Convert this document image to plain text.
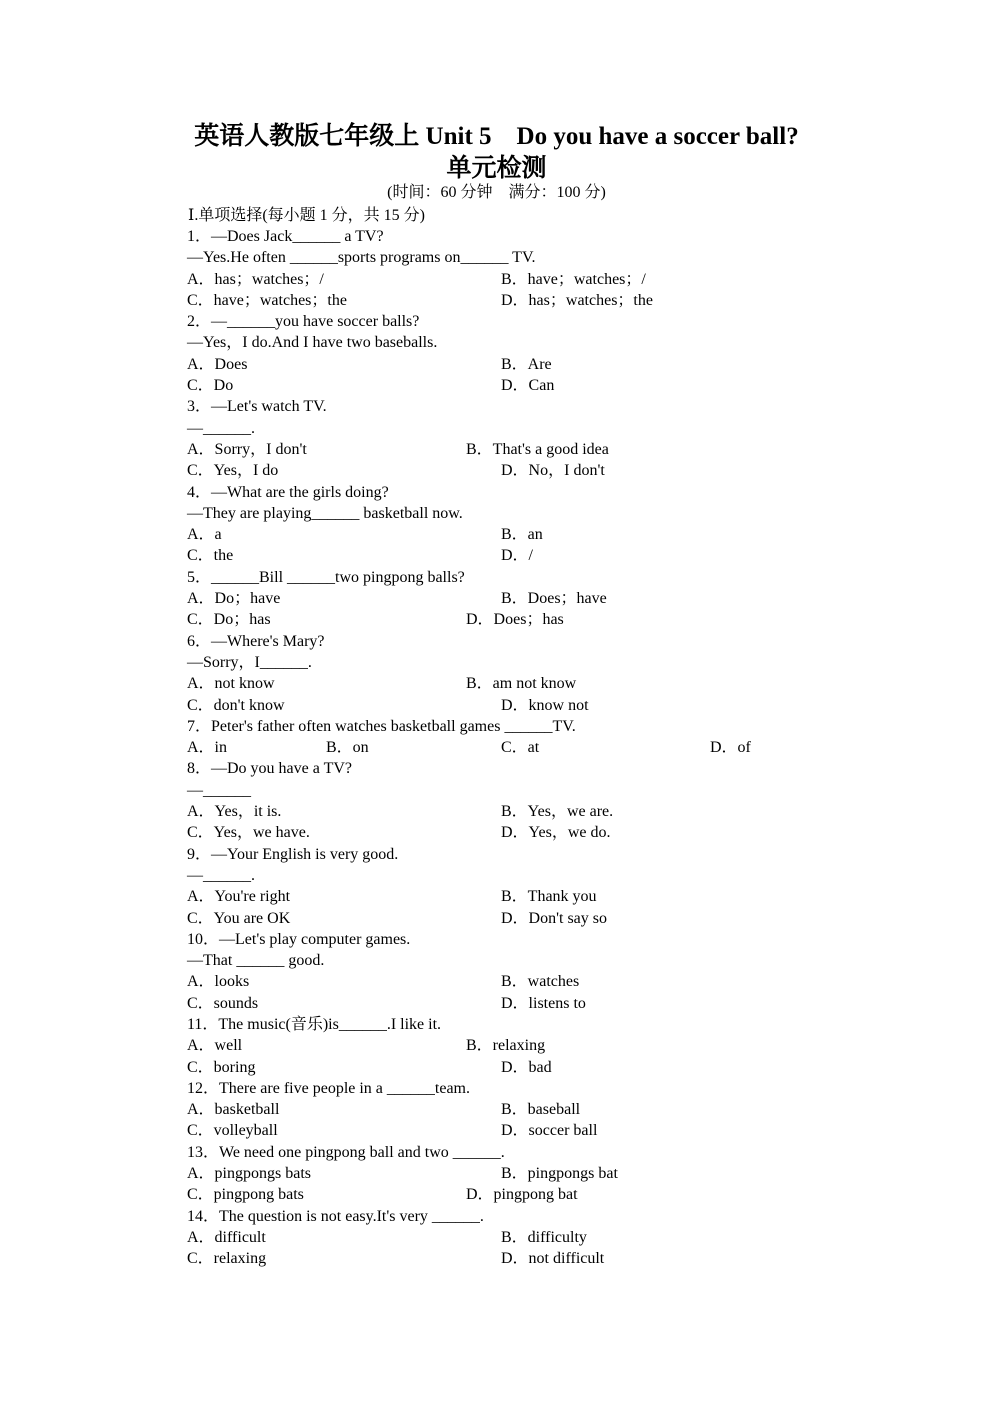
英语人教版七年级上 Unit 5　Do you have a soccer ball?
单元检测
(时间：60 分钟　满分：100 分)
Ⅰ.单项选择(每小题 1 分，共 15 分)
1．—Does Jack______ a TV?
—Yes.He often ______sports programs on______ TV.

A．has；watches；/

	B．have；watches；/

C．have；watches；the

	D．has；watches；the

2．—______you have soccer balls?
—Yes，I do.And I have two baseballs.

A．Does

	B．Are

C．Do

	D．Can

3．—Let's watch TV.
—______.

A．Sorry，I don't

	B．That's a good idea

C．Yes，I do

	D．No，I don't

4．—What are the girls doing?
—They are playing______ basketball now.

A．a

	B．an

C．the

	D．/

5．______Bill ______two pingpong balls?

A．Do；have

	B．Does；have

C．Do；has

	D．Does；has

6．—Where's Mary?
—Sorry，I______.

A．not know

	B．am not know

C．don't know

	D．know not

7．Peter's father often watches basketball games ______TV.

A．in

	B．on

	C．at

	D．of

8．—Do you have a TV?
—______

A．Yes，it is.

	B．Yes，we are.

C．Yes，we have.

	D．Yes，we do.

9．—Your English is very good.
—______.

A．You're right

	B．Thank you

C．You are OK

	D．Don't say so

10．—Let's play computer games.
—That ______ good.

A．looks

	B．watches

C．sounds

	D．listens to

11．The music(音乐)is______.I like it.

A．well

	B．relaxing

C．boring

	D．bad

12．There are five people in a ______team.

A．basketball

	B．baseball

C．volleyball

	D．soccer ball

13．We need one pingpong ball and two ______.

A．pingpongs bats

	B．pingpongs bat

C．pingpong bats

	D．pingpong bat

14．The question is not easy.It's very ______.

A．difficult

	B．difficulty

C．relaxing

	D．not difficult
